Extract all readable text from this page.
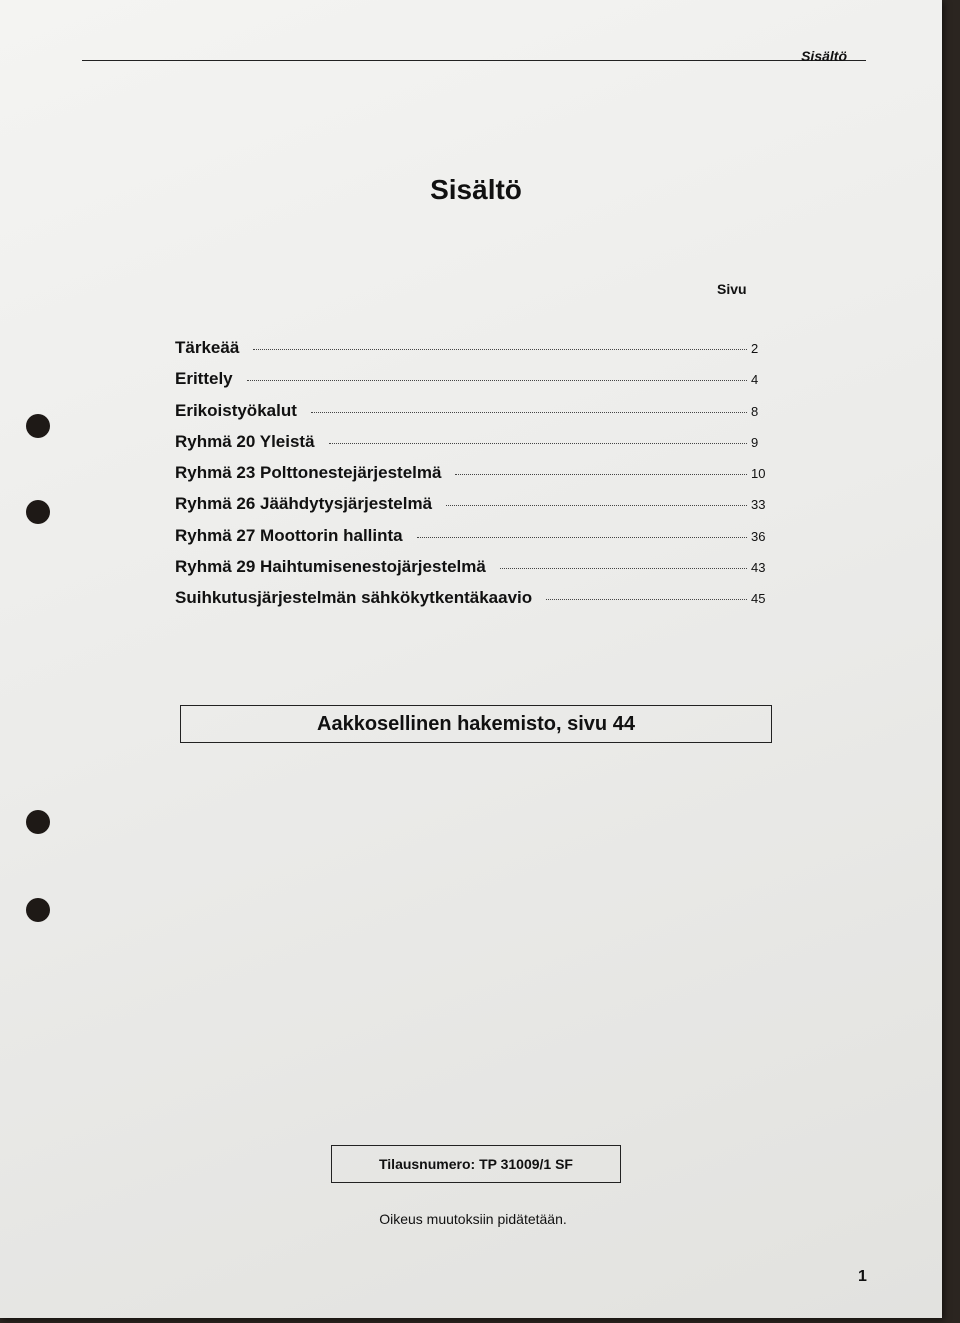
Sisältö
Sisältö
Sivu
Tärkeää	2
Erittely	4
Erikoistyökalut	8
Ryhmä 20 Yleistä	9
Ryhmä 23 Polttonestejärjestelmä	10
Ryhmä 26 Jäähdytysjärjestelmä	33
Ryhmä 27 Moottorin hallinta	36
Ryhmä 29 Haihtumisenestojärjestelmä	43
Suihkutusjärjestelmän sähkökytkentäkaavio	45
Aakkosellinen hakemisto, sivu 44
Tilausnumero: TP 31009/1 SF
Oikeus muutoksiin pidätetään.
1
